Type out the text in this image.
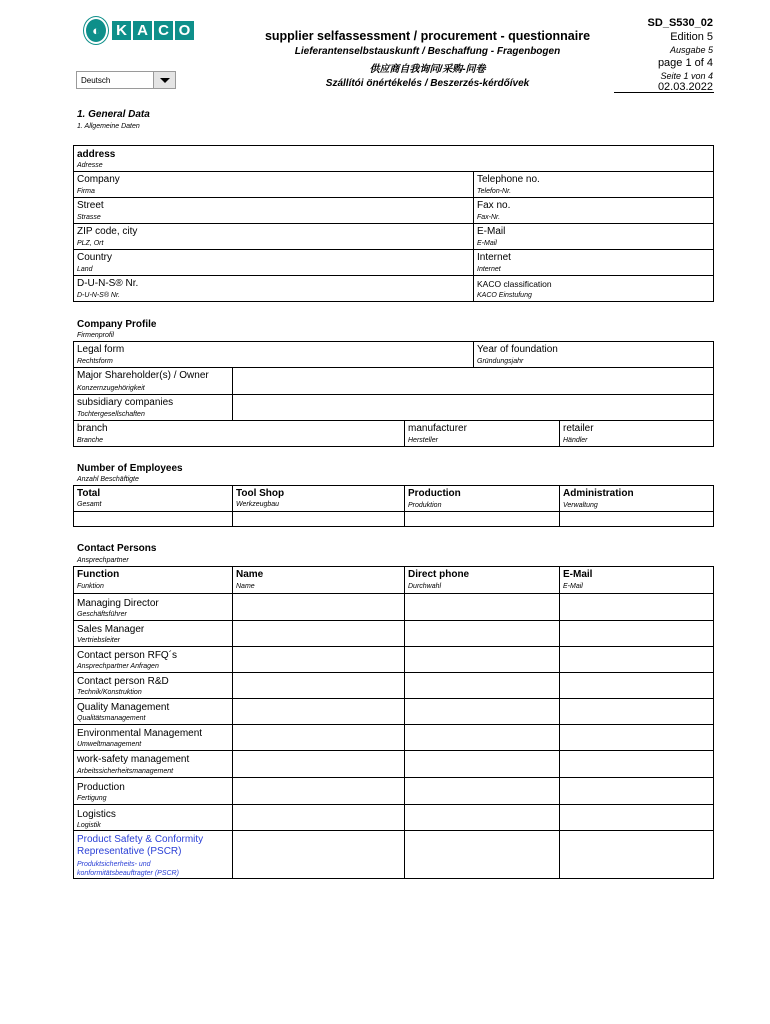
◐	K A C O
Deutsch
supplier selfassessment / procurement - questionnaire
Lieferantenselbstauskunft / Beschaffung - Fragenbogen
供应商自我询问/采购-问卷
Szállítói önértékelés / Beszerzés-kérdőívek
SD_S530_02
Edition 5
Ausgabe 5
page 1 of 4
Seite 1 von 4
02.03.2022
1. General Data
1. Allgemeine Daten
address
Adresse
Company
Firma
Telephone no.
Telefon-Nr.
Street
Strasse
Fax no.
Fax-Nr.
ZIP code, city
PLZ, Ort
E-Mail
E-Mail
Country
Land
Internet
Internet
D-U-N-S® Nr.
D-U-N-S® Nr.
KACO classification
KACO Einstufung
Company Profile
Firmenprofil
Legal form
Rechtsform
Year of foundation
Gründungsjahr
Major Shareholder(s) / Owner
Konzernzugehörigkeit
subsidiary companies
Tochtergesellschaften
branch
Branche
manufacturer
Hersteller
retailer
Händler
Number of Employees
Anzahl Beschäftigte
Total
Gesamt
Tool Shop
Werkzeugbau
Production
Produktion
Administration
Verwaltung
Contact Persons
Ansprechpartner
Function
Funktion
Name
Name
Direct phone
Durchwahl
E-Mail
E-Mail
Managing Director
Geschäftsführer
Sales Manager
Vertriebsleiter
Contact person RFQ´s
Ansprechpartner Anfragen
Contact person R&D
Technik/Konstruktion
Quality Management
Qualitätsmanagement
Environmental Management
Umweltmanagement
work-safety management
Arbeitssicherheitsmanagement
Production
Fertigung
Logistics
Logistik
Product Safety & Conformity
Representative (PSCR)
Produktsicherheits- und
konformitätsbeauftragter (PSCR)
